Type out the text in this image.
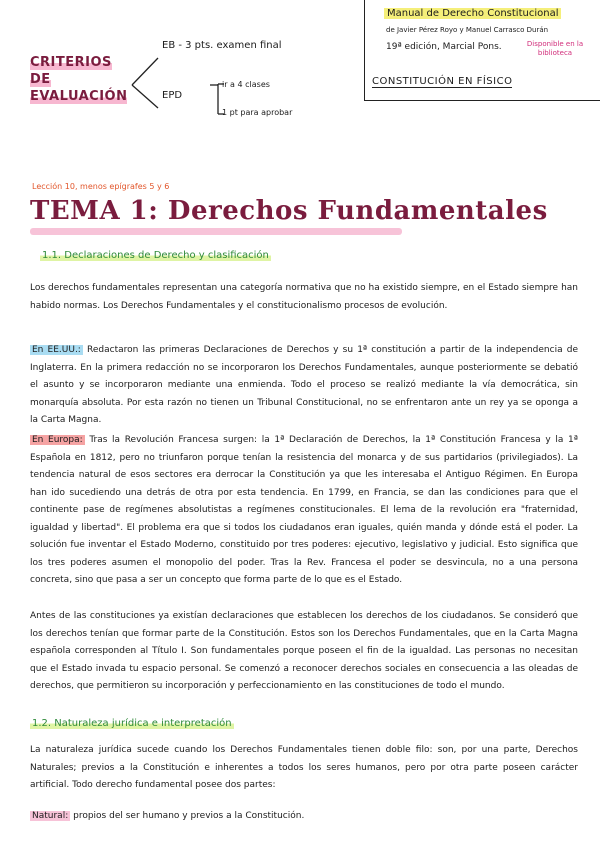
CRITERIOS DE
EVALUACIÓN
EB - 3 pts. examen final
EPD
ir a 4 clases
1 pt para aprobar
Manual de Derecho Constitucional
de Javier Pérez Royo y Manuel Carrasco Durán
19ª edición, Marcial Pons.	Disponible en la biblioteca
CONSTITUCIÓN EN FÍSICO
Lección 10, menos epígrafes 5 y 6
TEMA 1: Derechos Fundamentales
1.1. Declaraciones de Derecho y clasificación

Los derechos fundamentales representan una categoría normativa que no ha existido siempre, en el Estado siempre han habido normas. Los Derechos Fundamentales y el constitucionalismo procesos de evolución.

En EE.UU.: Redactaron las primeras Declaraciones de Derechos y su 1ª constitución a partir de la independencia de Inglaterra. En la primera redacción no se incorporaron los Derechos Fundamentales, aunque posteriormente se debatió el asunto y se incorporaron mediante una enmienda. Todo el proceso se realizó mediante la vía democrática, sin monarquía absoluta. Por esta razón no tienen un Tribunal Constitucional, no se enfrentaron ante un rey ya se oponga a la Carta Magna.

En Europa: Tras la Revolución Francesa surgen: la 1ª Declaración de Derechos, la 1ª Constitución Francesa y la 1ª Española en 1812, pero no triunfaron porque tenían la resistencia del monarca y de sus partidarios (privilegiados). La tendencia natural de esos sectores era derrocar la Constitución ya que les interesaba el Antiguo Régimen. En Europa han ido sucediendo una detrás de otra por esta tendencia. En 1799, en Francia, se dan las condiciones para que el continente pase de regímenes absolutistas a regímenes constitucionales. El lema de la revolución era "fraternidad, igualdad y libertad". El problema era que si todos los ciudadanos eran iguales, quién manda y dónde está el poder. La solución fue inventar el Estado Moderno, constituido por tres poderes: ejecutivo, legislativo y judicial. Esto significa que los tres poderes asumen el monopolio del poder. Tras la Rev. Francesa el poder se desvincula, no a una persona concreta, sino que pasa a ser un concepto que forma parte de lo que es el Estado.

Antes de las constituciones ya existían declaraciones que establecen los derechos de los ciudadanos. Se consideró que los derechos tenían que formar parte de la Constitución. Estos son los Derechos Fundamentales, que en la Carta Magna española corresponden al Título I. Son fundamentales porque poseen el fin de la igualdad. Las personas no necesitan que el Estado invada tu espacio personal. Se comenzó a reconocer derechos sociales en consecuencia a las oleadas de derechos, que permitieron su incorporación y perfeccionamiento en las constituciones de todo el mundo.

1.2. Naturaleza jurídica e interpretación

La naturaleza jurídica sucede cuando los Derechos Fundamentales tienen doble filo: son, por una parte, Derechos Naturales; previos a la Constitución e inherentes a todos los seres humanos, pero por otra parte poseen carácter artificial. Todo derecho fundamental posee dos partes:

Natural: propios del ser humano y previos a la Constitución.
